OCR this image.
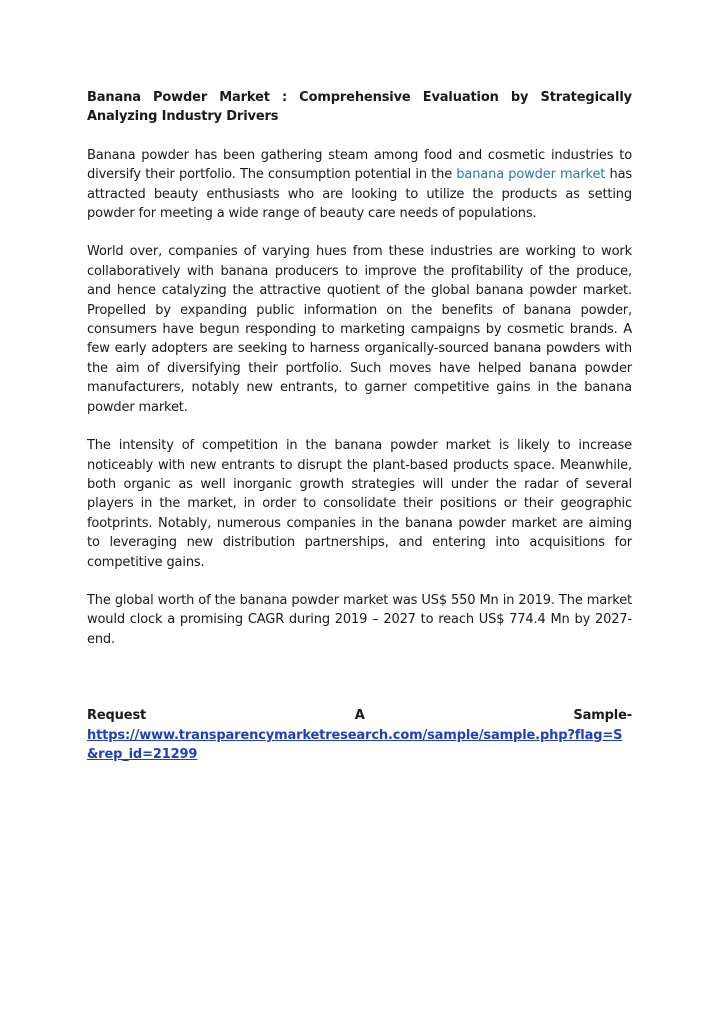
Banana Powder Market : Comprehensive Evaluation by Strategically Analyzing Industry Drivers

Banana powder has been gathering steam among food and cosmetic industries to diversify their portfolio. The consumption potential in the banana powder market has attracted beauty enthusiasts who are looking to utilize the products as setting powder for meeting a wide range of beauty care needs of populations.

World over, companies of varying hues from these industries are working to work collaboratively with banana producers to improve the profitability of the produce, and hence catalyzing the attractive quotient of the global banana powder market. Propelled by expanding public information on the benefits of banana powder, consumers have begun responding to marketing campaigns by cosmetic brands. A few early adopters are seeking to harness organically-sourced banana powders with the aim of diversifying their portfolio. Such moves have helped banana powder manufacturers, notably new entrants, to garner competitive gains in the banana powder market.

The intensity of competition in the banana powder market is likely to increase noticeably with new entrants to disrupt the plant-based products space. Meanwhile, both organic as well inorganic growth strategies will under the radar of several players in the market, in order to consolidate their positions or their geographic footprints. Notably, numerous companies in the banana powder market are aiming to leveraging new distribution partnerships, and entering into acquisitions for competitive gains.

The global worth of the banana powder market was US$ 550 Mn in 2019. The market would clock a promising CAGR during 2019 – 2027 to reach US$ 774.4 Mn by 2027-end.

Request	A	Sample-
https://www.transparencymarketresearch.com/sample/sample.php?flag=S&rep_id=21299
